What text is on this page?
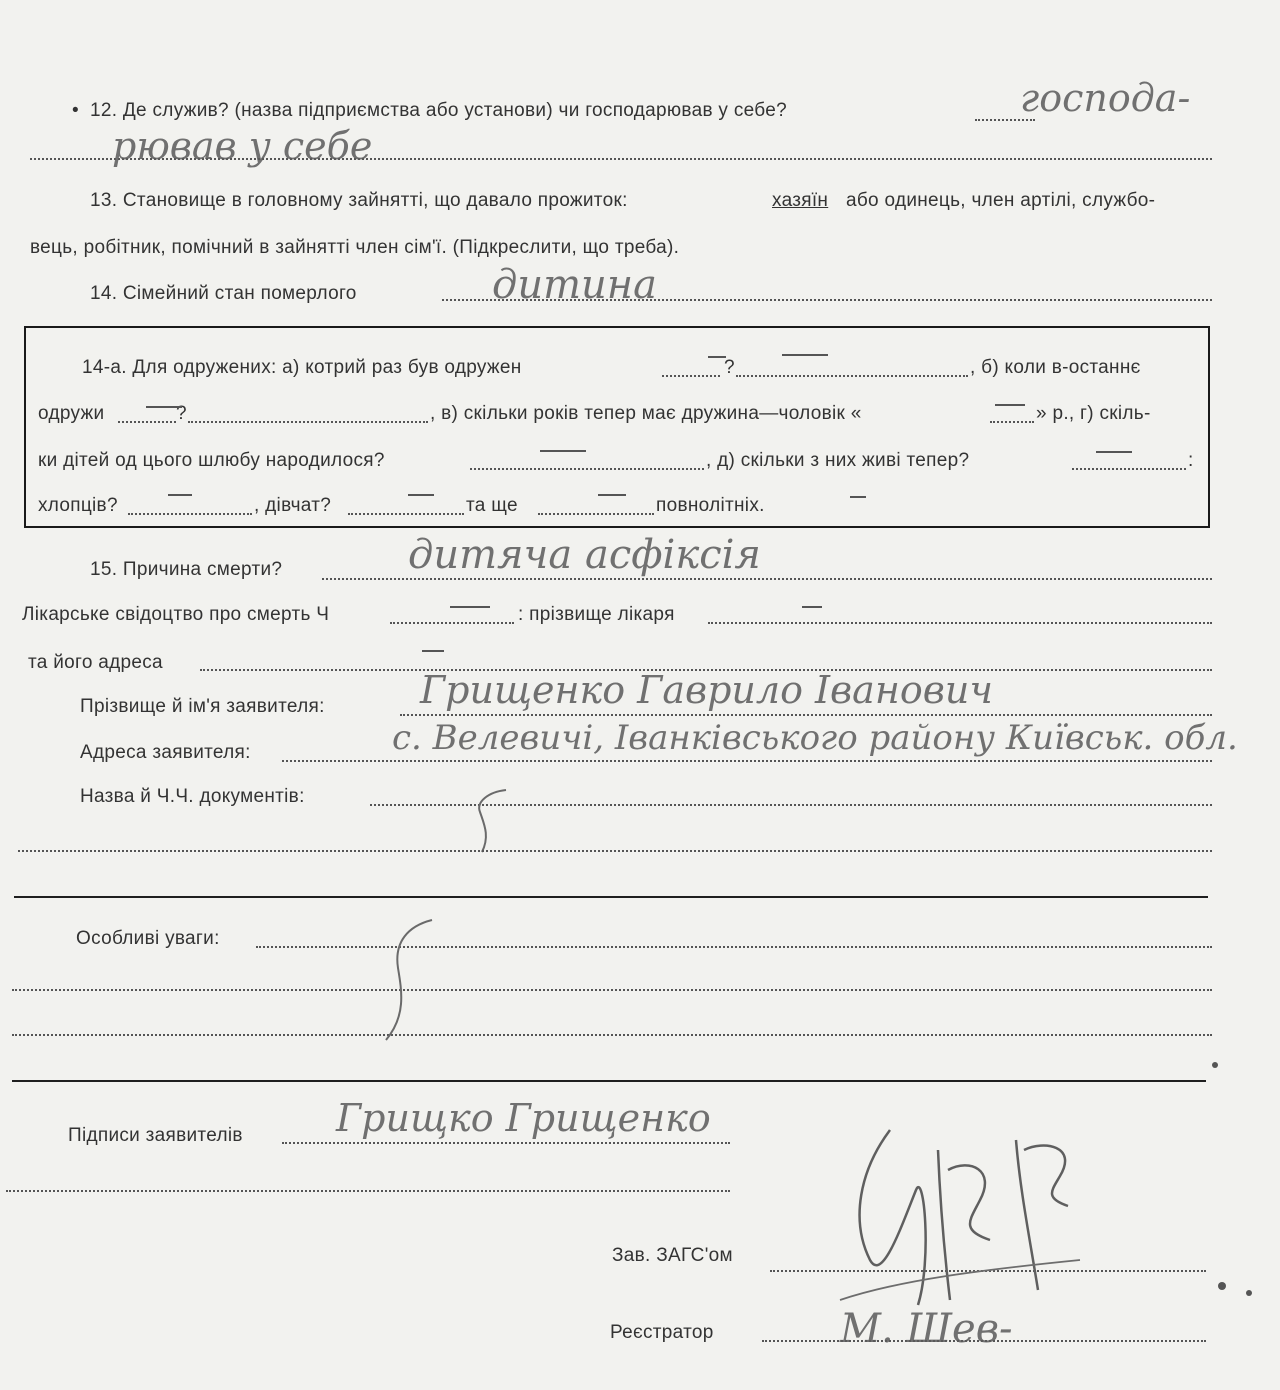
• 12. Де служив? (назва підприємства або установи) чи господарював у себе?	господа-
рював у себе
13. Становище в головному зайнятті, що давало прожиток:	хазяїн або одинець, член артілі, службо-
вець, робітник, помічний в зайнятті член сім'ї. (Підкреслити, що треба).
14. Сімейний стан померлого	дитина
14-а. Для одружених: а) котрий раз був одружен	?	, б) коли в-останнє
одружи	?	, в) скільки років тепер має дружина—чоловік «	» р., г) скіль-
ки дітей од цього шлюбу народилося?	, д) скільки з них живі тепер?	:
хлопців?	, дівчат?	та ще	повнолітніх.
15. Причина смерти?	дитяча асфіксія
Лікарське свідоцтво про смерть Ч	: прізвище лікаря
та його адреса
Прізвище й ім'я заявителя:	Грищенко Гаврило Іванович
Адреса заявителя:	с. Велевичі, Іванківського району Київськ. обл.
Назва й Ч.Ч. документів:
Особливі уваги:
Підписи заявителів Грищко Грищенко
Зав. ЗАГС'ом
Реєстратор	М. Шев-
